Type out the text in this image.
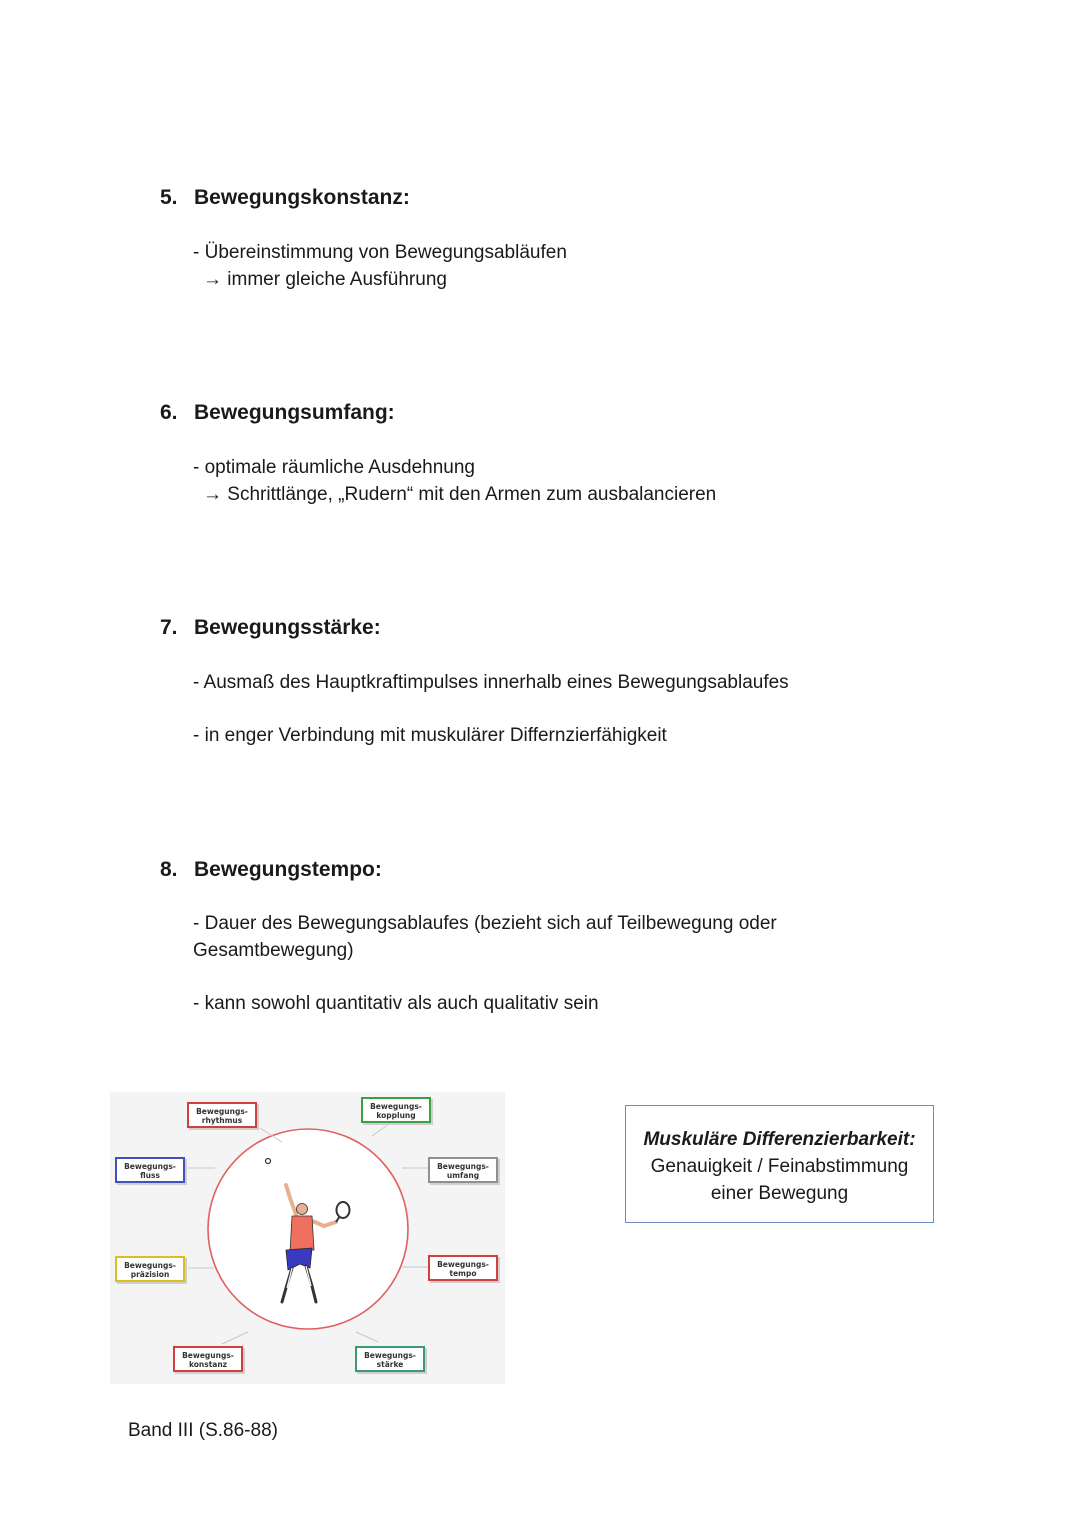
5. Bewegungskonstanz:
- Übereinstimmung von Bewegungsabläufen
→ immer gleiche Ausführung
6. Bewegungsumfang:
- optimale räumliche Ausdehnung
→ Schrittlänge, „Rudern“ mit den Armen zum ausbalancieren
7. Bewegungsstärke:
- Ausmaß des Hauptkraftimpulses innerhalb eines Bewegungsablaufes
- in enger Verbindung mit muskulärer Differnzierfähigkeit
8. Bewegungstempo:
- Dauer des Bewegungsablaufes (bezieht sich auf Teilbewegung oder
Gesamtbewegung)
- kann sowohl quantitativ als auch qualitativ sein
Bewegungs-
rhythmus
Bewegungs-
kopplung
Bewegungs-
fluss
Bewegungs-
umfang
Bewegungs-
präzision
Bewegungs-
tempo
Bewegungs-
konstanz
Bewegungs-
stärke
Muskuläre Differenzierbarkeit:
Genauigkeit / Feinabstimmung
einer Bewegung
Band III (S.86-88)
